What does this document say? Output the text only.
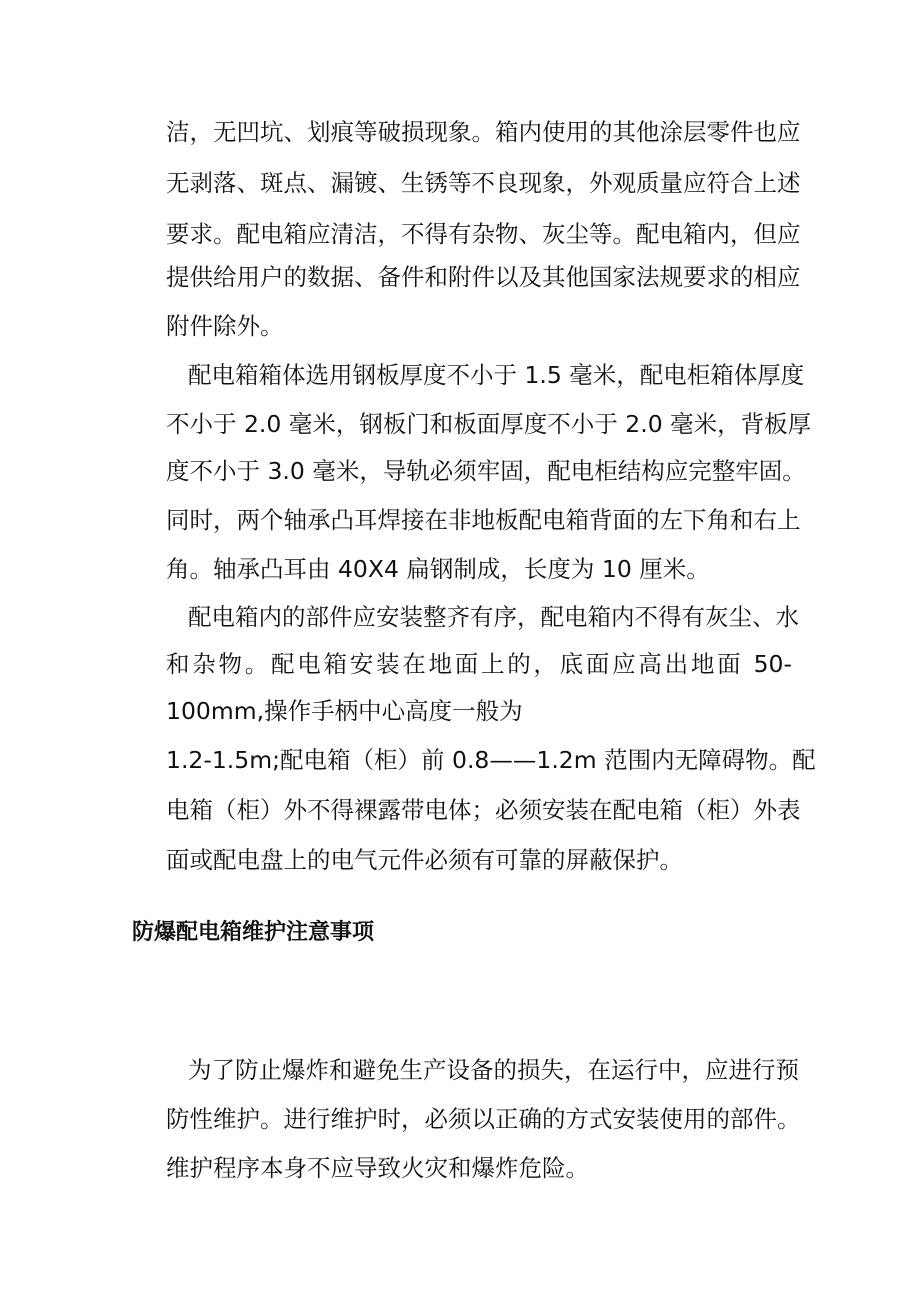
洁，无凹坑、划痕等破损现象。箱内使用的其他涂层零件也应
无剥落、斑点、漏镀、生锈等不良现象，外观质量应符合上述
要求。配电箱应清洁，不得有杂物、灰尘等。配电箱内，但应
提供给用户的数据、备件和附件以及其他国家法规要求的相应
附件除外。
配电箱箱体选用钢板厚度不小于 1.5 毫米，配电柜箱体厚度
不小于 2.0 毫米，钢板门和板面厚度不小于 2.0 毫米，背板厚
度不小于 3.0 毫米，导轨必须牢固，配电柜结构应完整牢固。
同时，两个轴承凸耳焊接在非地板配电箱背面的左下角和右上
角。轴承凸耳由 40X4 扁钢制成，长度为 10 厘米。
配电箱内的部件应安装整齐有序，配电箱内不得有灰尘、水
和杂物。配电箱安装在地面上的，底面应高出地面 50-
100mm,操作手柄中心高度一般为
1.2-1.5m;配电箱（柜）前 0.8——1.2m 范围内无障碍物。配
电箱（柜）外不得裸露带电体；必须安装在配电箱（柜）外表
面或配电盘上的电气元件必须有可靠的屏蔽保护。
防爆配电箱维护注意事项
为了防止爆炸和避免生产设备的损失，在运行中，应进行预
防性维护。进行维护时，必须以正确的方式安装使用的部件。
维护程序本身不应导致火灾和爆炸危险。
